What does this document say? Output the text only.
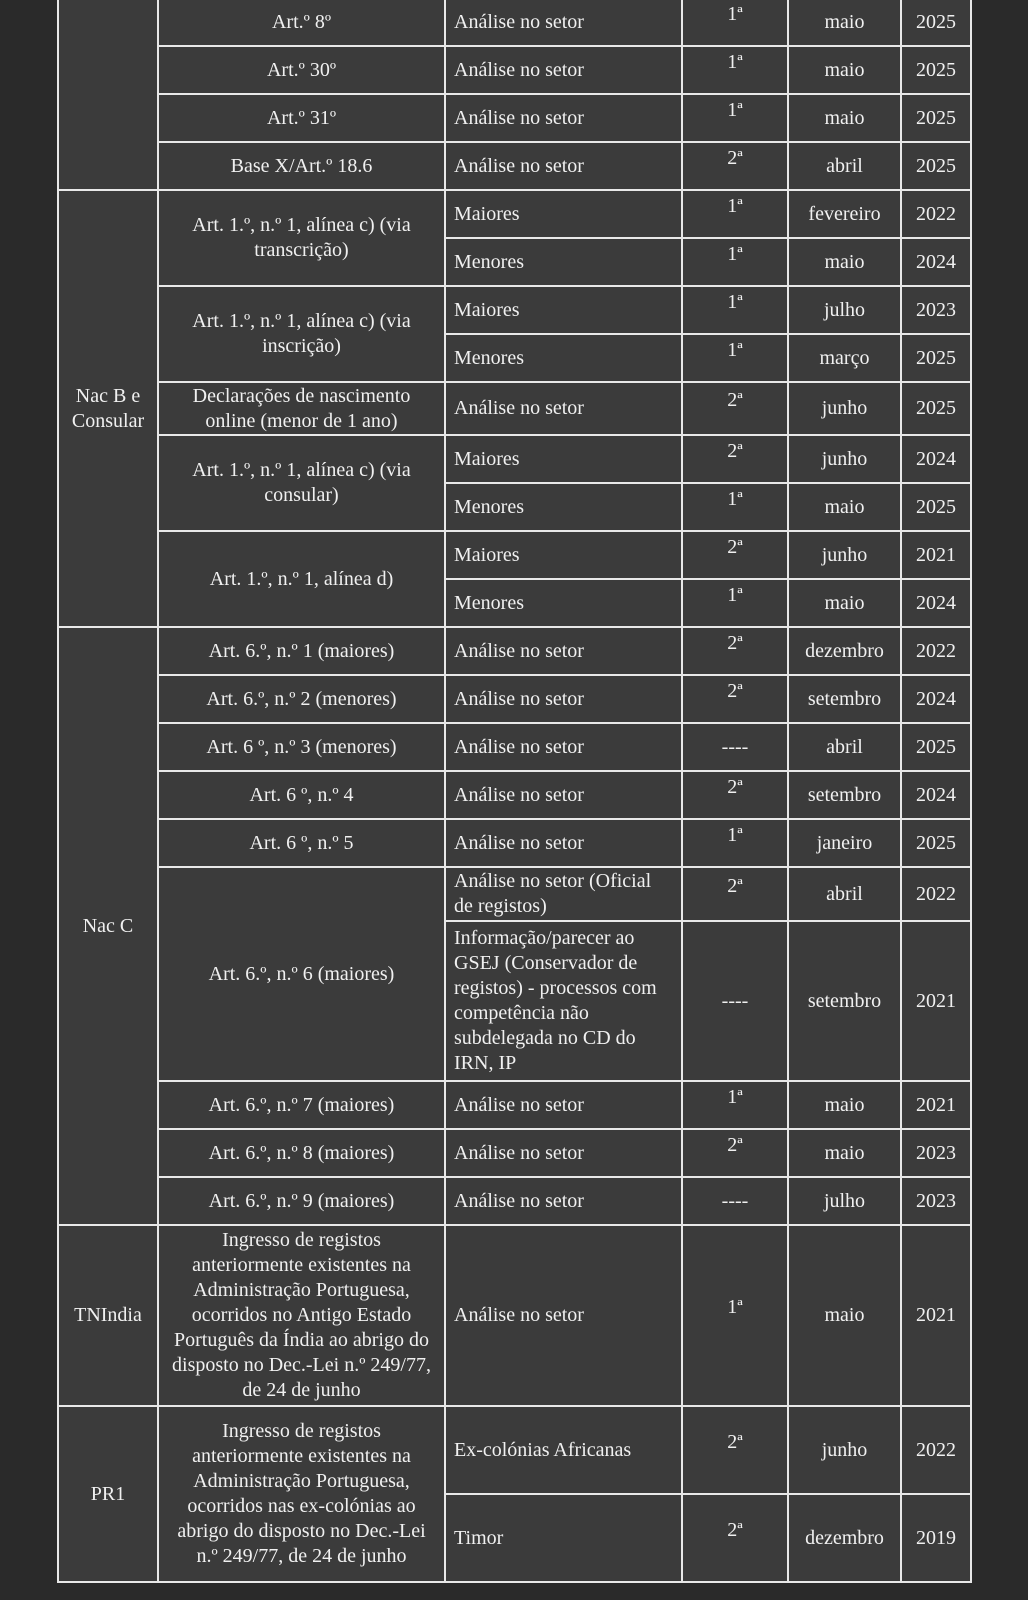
	Art.º 8º	Análise no setor	1ª	maio	2025
	Art.º 30º	Análise no setor	1ª	maio	2025
	Art.º 31º	Análise no setor	1ª	maio	2025
	Base X/Art.º 18.6	Análise no setor	2ª	abril	2025
Nac B e Consular	Art. 1.º, n.º 1, alínea c) (via transcrição)	Maiores	1ª	fevereiro	2022
		Menores	1ª	maio	2024
	Art. 1.º, n.º 1, alínea c) (via inscrição)	Maiores	1ª	julho	2023
		Menores	1ª	março	2025
	Declarações de nascimento online (menor de 1 ano)	Análise no setor	2ª	junho	2025
	Art. 1.º, n.º 1, alínea c) (via consular)	Maiores	2ª	junho	2024
		Menores	1ª	maio	2025
	Art. 1.º, n.º 1, alínea d)	Maiores	2ª	junho	2021
		Menores	1ª	maio	2024
Nac C	Art. 6.º, n.º 1 (maiores)	Análise no setor	2ª	dezembro	2022
	Art. 6.º, n.º 2 (menores)	Análise no setor	2ª	setembro	2024
	Art. 6 º, n.º 3 (menores)	Análise no setor	----	abril	2025
	Art. 6 º, n.º 4	Análise no setor	2ª	setembro	2024
	Art. 6 º, n.º 5	Análise no setor	1ª	janeiro	2025
	Art. 6.º, n.º 6 (maiores)	Análise no setor (Oficial de registos)	2ª	abril	2022
		Informação/parecer ao GSEJ (Conservador de registos) - processos com competência não subdelegada no CD do IRN, IP	----	setembro	2021
	Art. 6.º, n.º 7 (maiores)	Análise no setor	1ª	maio	2021
	Art. 6.º, n.º 8 (maiores)	Análise no setor	2ª	maio	2023
	Art. 6.º, n.º 9 (maiores)	Análise no setor	----	julho	2023
TNIndia	Ingresso de registos anteriormente existentes na Administração Portuguesa, ocorridos no Antigo Estado Português da Índia ao abrigo do disposto no Dec.-Lei n.º 249/77, de 24 de junho	Análise no setor	1ª	maio	2021
PR1	Ingresso de registos anteriormente existentes na Administração Portuguesa, ocorridos nas ex-colónias ao abrigo do disposto no Dec.-Lei n.º 249/77, de 24 de junho	Ex-colónias Africanas	2ª	junho	2022
		Timor	2ª	dezembro	2019
